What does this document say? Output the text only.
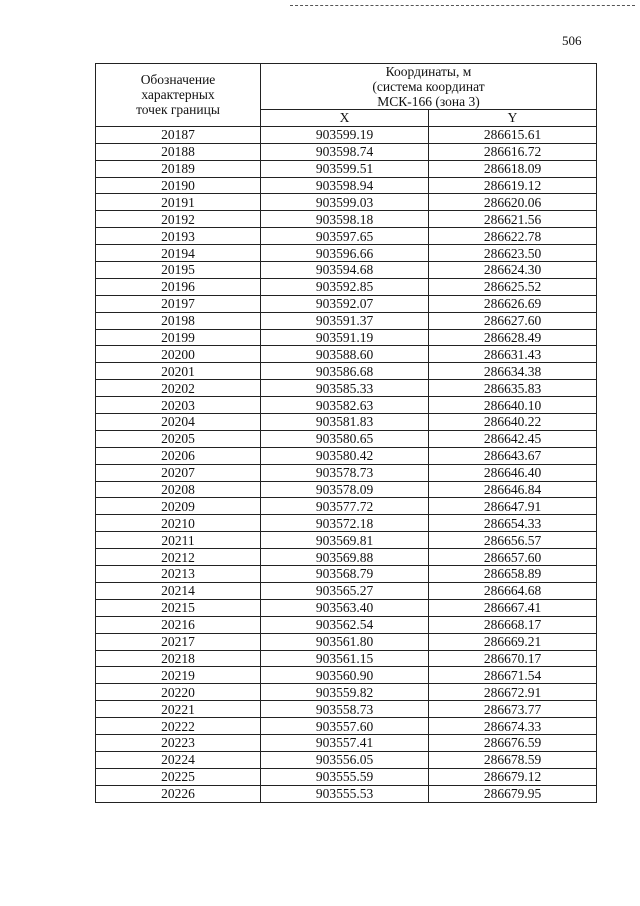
506
Обозначение
характерных
точек границы	Координаты, м
(система координат
МСК-166 (зона 3)	

	X	Y
20187	903599.19	286615.61
20188	903598.74	286616.72
20189	903599.51	286618.09
20190	903598.94	286619.12
20191	903599.03	286620.06
20192	903598.18	286621.56
20193	903597.65	286622.78
20194	903596.66	286623.50
20195	903594.68	286624.30
20196	903592.85	286625.52
20197	903592.07	286626.69
20198	903591.37	286627.60
20199	903591.19	286628.49
20200	903588.60	286631.43
20201	903586.68	286634.38
20202	903585.33	286635.83
20203	903582.63	286640.10
20204	903581.83	286640.22
20205	903580.65	286642.45
20206	903580.42	286643.67
20207	903578.73	286646.40
20208	903578.09	286646.84
20209	903577.72	286647.91
20210	903572.18	286654.33
20211	903569.81	286656.57
20212	903569.88	286657.60
20213	903568.79	286658.89
20214	903565.27	286664.68
20215	903563.40	286667.41
20216	903562.54	286668.17
20217	903561.80	286669.21
20218	903561.15	286670.17
20219	903560.90	286671.54
20220	903559.82	286672.91
20221	903558.73	286673.77
20222	903557.60	286674.33
20223	903557.41	286676.59
20224	903556.05	286678.59
20225	903555.59	286679.12
20226	903555.53	286679.95
